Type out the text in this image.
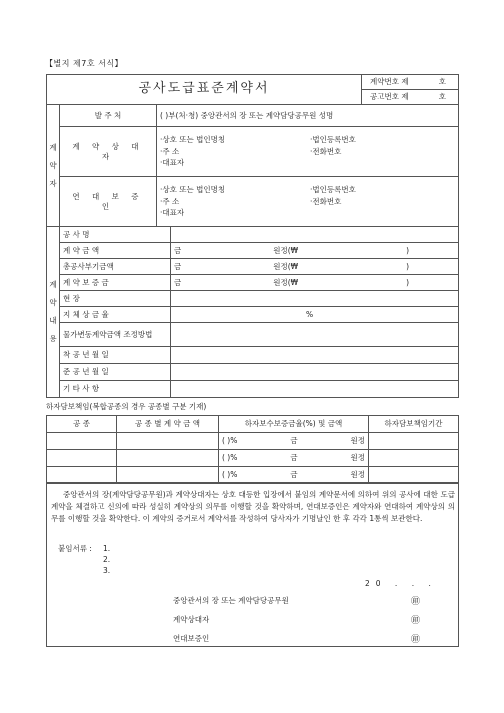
【별지 제7호 서식】
공사도급표준계약서	계약번호 제	호

공고번호 제	호
계
약
자	발 주 처	( )부(처·청) 중앙관서의 장 또는 계약담당공무원 성명
	계 약 상 대 자	·상호 또는 법인명칭 ·법인등록번호
·주 소 ·전화번호
·대표자

	연 대 보 증 인	·상호 또는 법인명칭 ·법인등록번호
·주 소 ·전화번호
·대표자
계
약
내
용	공 사 명	
	계 약 금 액	금 원정(₩ )

	총공사부기금액	금 원정(₩ )

	계 약 보 증 금	금 원정(₩ )

	현 장	
	지 체 상 금 율	%
	물가변동계약금액 조정방법	
	착 공 년 월 일	
	준 공 년 월 일	
	기 타 사 항	
하자담보책임(복합공종의 경우 공종별 구분 기재)
공 종	공 종 별 계 약 금 액	하자보수보증금율(%) 및 금액	하자담보책임기간

		( )% 금 원정	

		( )% 금 원정	

		( )% 금 원정	

중앙관서의 장(계약담당공무원)과 계약상대자는 상호 대등한 입장에서 붙임의 계약문서에 의하여 위의 공사에 대한 도급계약을 체결하고 신의에 따라 성실히 계약상의 의무를 이행할 것을 확약하며, 연대보증인은 계약자와 연대하여 계약상의 의무를 이행할 것을 확약한다. 이 계약의 증거로서 계약서를 작성하여 당사자가 기명날인 한 후 각각 1통씩 보관한다.
붙임서류 : 1.
2.
3.
20 . . .
중앙관서의 장 또는 계약담당공무원	㊞
계약상대자	㊞
연대보증인	㊞
